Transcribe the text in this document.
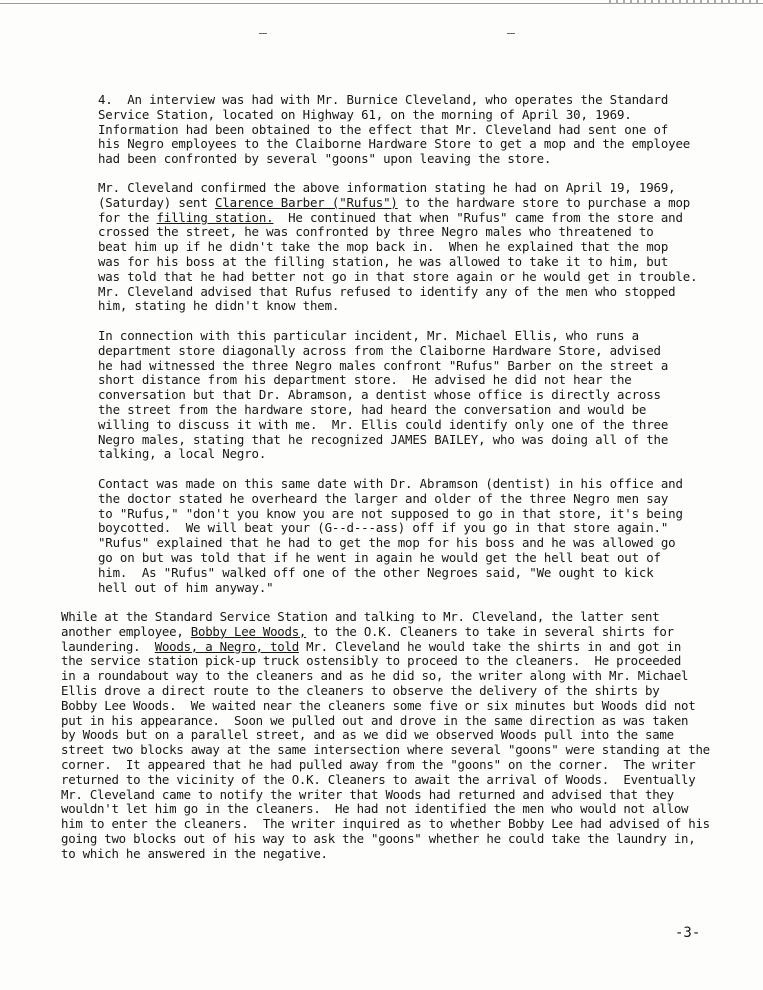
4.  An interview was had with Mr. Burnice Cleveland, who operates the Standard
Service Station, located on Highway 61, on the morning of April 30, 1969.
Information had been obtained to the effect that Mr. Cleveland had sent one of
his Negro employees to the Claiborne Hardware Store to get a mop and the employee
had been confronted by several "goons" upon leaving the store.

Mr. Cleveland confirmed the above information stating he had on April 19, 1969,
(Saturday) sent Clarence Barber ("Rufus") to the hardware store to purchase a mop
for the filling station.  He continued that when "Rufus" came from the store and
crossed the street, he was confronted by three Negro males who threatened to
beat him up if he didn't take the mop back in.  When he explained that the mop
was for his boss at the filling station, he was allowed to take it to him, but
was told that he had better not go in that store again or he would get in trouble.
Mr. Cleveland advised that Rufus refused to identify any of the men who stopped
him, stating he didn't know them.

In connection with this particular incident, Mr. Michael Ellis, who runs a
department store diagonally across from the Claiborne Hardware Store, advised
he had witnessed the three Negro males confront "Rufus" Barber on the street a
short distance from his department store.  He advised he did not hear the
conversation but that Dr. Abramson, a dentist whose office is directly across
the street from the hardware store, had heard the conversation and would be
willing to discuss it with me.  Mr. Ellis could identify only one of the three
Negro males, stating that he recognized JAMES BAILEY, who was doing all of the
talking, a local Negro.

Contact was made on this same date with Dr. Abramson (dentist) in his office and
the doctor stated he overheard the larger and older of the three Negro men say
to "Rufus," "don't you know you are not supposed to go in that store, it's being
boycotted.  We will beat your (G--d---ass) off if you go in that store again."
"Rufus" explained that he had to get the mop for his boss and he was allowed go
go on but was told that if he went in again he would get the hell beat out of
him.  As "Rufus" walked off one of the other Negroes said, "We ought to kick
hell out of him anyway."

While at the Standard Service Station and talking to Mr. Cleveland, the latter sent
another employee, Bobby Lee Woods, to the O.K. Cleaners to take in several shirts for
laundering.  Woods, a Negro, told Mr. Cleveland he would take the shirts in and got in
the service station pick-up truck ostensibly to proceed to the cleaners.  He proceeded
in a roundabout way to the cleaners and as he did so, the writer along with Mr. Michael
Ellis drove a direct route to the cleaners to observe the delivery of the shirts by
Bobby Lee Woods.  We waited near the cleaners some five or six minutes but Woods did not
put in his appearance.  Soon we pulled out and drove in the same direction as was taken
by Woods but on a parallel street, and as we did we observed Woods pull into the same
street two blocks away at the same intersection where several "goons" were standing at the
corner.  It appeared that he had pulled away from the "goons" on the corner.  The writer
returned to the vicinity of the O.K. Cleaners to await the arrival of Woods.  Eventually
Mr. Cleveland came to notify the writer that Woods had returned and advised that they
wouldn't let him go in the cleaners.  He had not identified the men who would not allow
him to enter the cleaners.  The writer inquired as to whether Bobby Lee had advised of his
going two blocks out of his way to ask the "goons" whether he could take the laundry in,
to which he answered in the negative.

-3-
